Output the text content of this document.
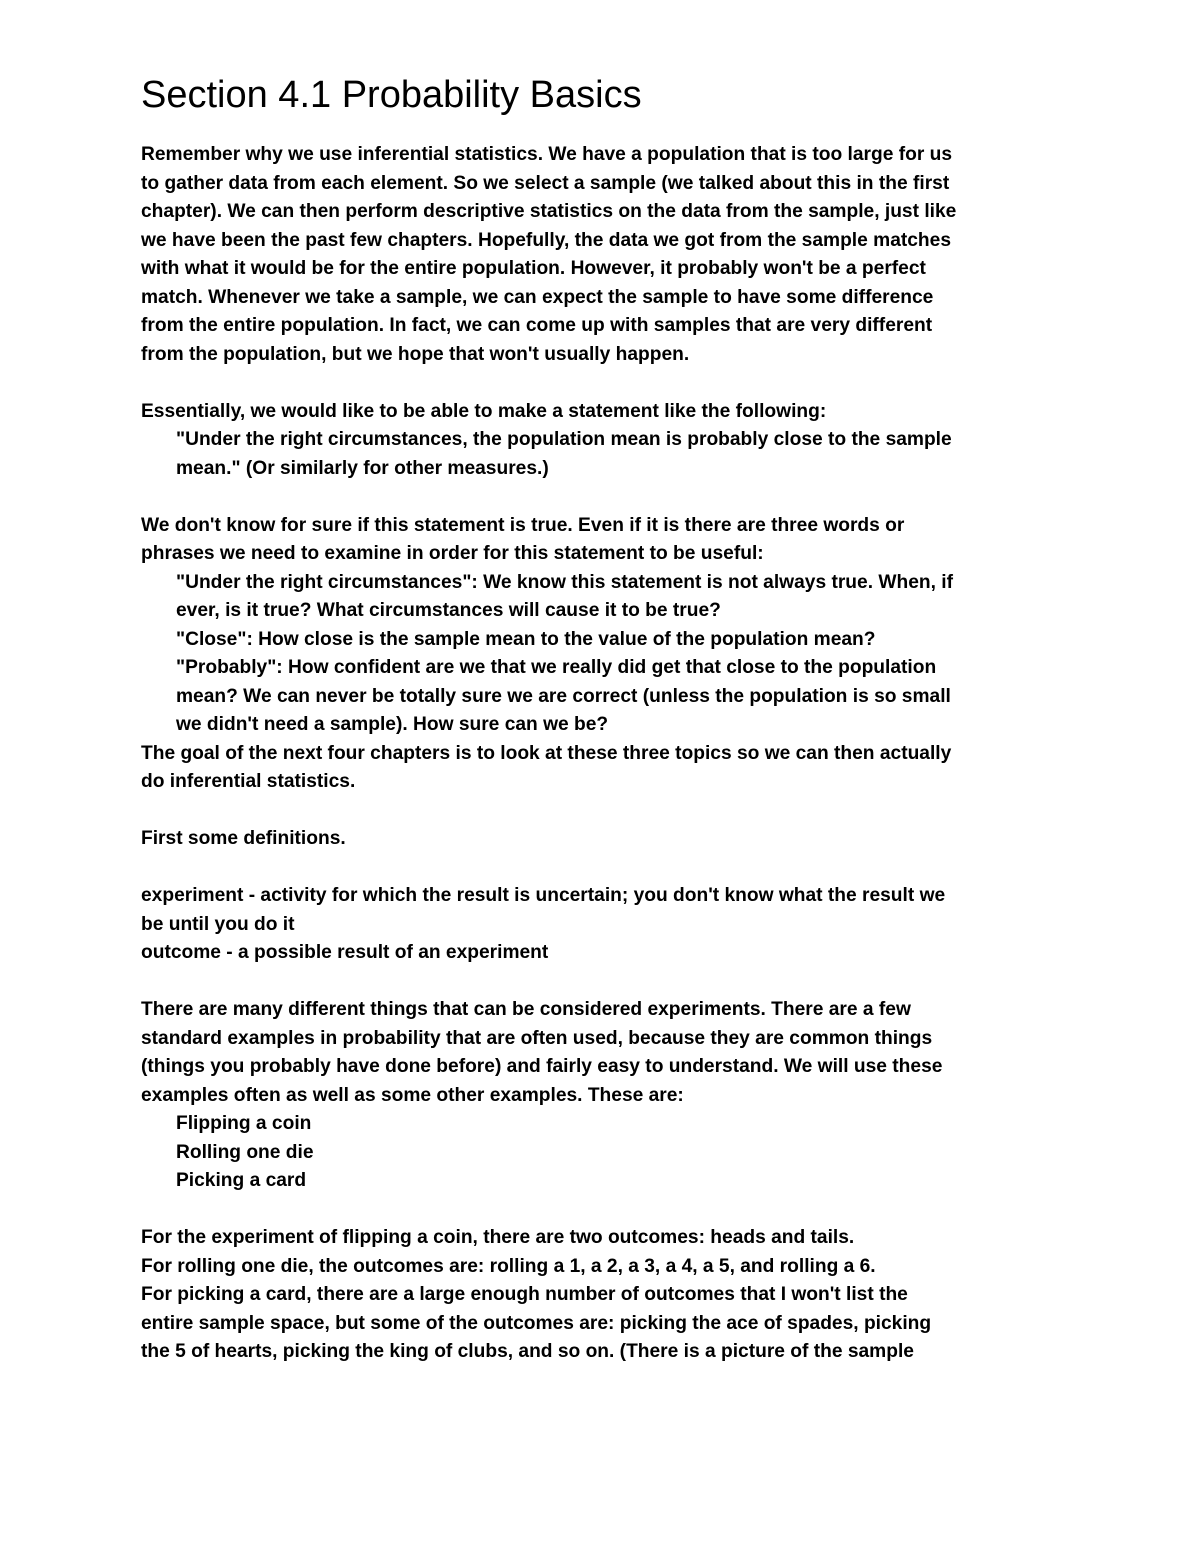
Section 4.1 Probability Basics
Remember why we use inferential statistics. We have a population that is too large for us
to gather data from each element. So we select a sample (we talked about this in the first
chapter). We can then perform descriptive statistics on the data from the sample, just like
we have been the past few chapters. Hopefully, the data we got from the sample matches
with what it would be for the entire population. However, it probably won't be a perfect
match. Whenever we take a sample, we can expect the sample to have some difference
from the entire population. In fact, we can come up with samples that are very different
from the population, but we hope that won't usually happen.
Essentially, we would like to be able to make a statement like the following:
"Under the right circumstances, the population mean is probably close to the sample
mean." (Or similarly for other measures.)
We don't know for sure if this statement is true. Even if it is there are three words or
phrases we need to examine in order for this statement to be useful:
"Under the right circumstances": We know this statement is not always true. When, if
ever, is it true? What circumstances will cause it to be true?
"Close": How close is the sample mean to the value of the population mean?
"Probably": How confident are we that we really did get that close to the population
mean? We can never be totally sure we are correct (unless the population is so small
we didn't need a sample). How sure can we be?
The goal of the next four chapters is to look at these three topics so we can then actually
do inferential statistics.
First some definitions.
experiment - activity for which the result is uncertain; you don't know what the result we
be until you do it
outcome - a possible result of an experiment
There are many different things that can be considered experiments. There are a few
standard examples in probability that are often used, because they are common things
(things you probably have done before) and fairly easy to understand. We will use these
examples often as well as some other examples. These are:
Flipping a coin
Rolling one die
Picking a card
For the experiment of flipping a coin, there are two outcomes: heads and tails.
For rolling one die, the outcomes are: rolling a 1, a 2, a 3, a 4, a 5, and rolling a 6.
For picking a card, there are a large enough number of outcomes that I won't list the
entire sample space, but some of the outcomes are: picking the ace of spades, picking
the 5 of hearts, picking the king of clubs, and so on. (There is a picture of the sample
